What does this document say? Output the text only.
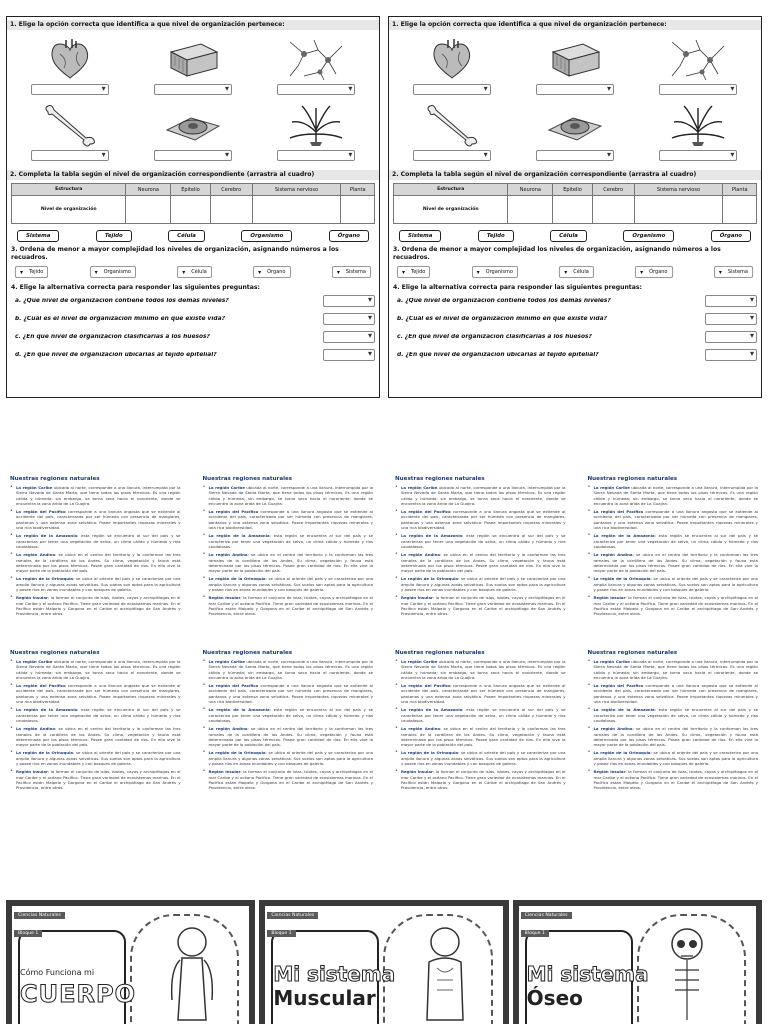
1. Elige la opción correcta que identifica a que nivel de organización pertenece:
▾
▾
▾
▾
▾
▾
2. Completa la tabla según el nivel de organización correspondiente (arrastra al cuadro)
Estructura	Neurona	Epitelio	Cerebro	Sistema nervioso	Planta
Nivel de organización					
Sistema	Tejido	Célula	Organismo	Órgano
3. Ordena de menor a mayor complejidad los niveles de organización, asignando números a los recuadros.
▾ Tejido	▾ Organismo	▾ Célula	▾ Órgano	▾ Sistema
4. Elige la alternativa correcta para responder las siguientes preguntas:
a. ¿Qué nivel de organización contiene todos los demás niveles?
▾
b. ¿Cuál es el nivel de organización mínimo en que existe vida?
▾
c. ¿En qué nivel de organización clasificarías a los huesos?
▾
d. ¿En qué nivel de organización ubicarías al tejido epitelial?
▾
1. Elige la opción correcta que identifica a que nivel de organización pertenece:
▾
▾
▾
▾
▾
▾
2. Completa la tabla según el nivel de organización correspondiente (arrastra al cuadro)
Estructura	Neurona	Epitelio	Cerebro	Sistema nervioso	Planta
Nivel de organización					
Sistema	Tejido	Célula	Organismo	Órgano
3. Ordena de menor a mayor complejidad los niveles de organización, asignando números a los recuadros.
▾ Tejido	▾ Organismo	▾ Célula	▾ Órgano	▾ Sistema
4. Elige la alternativa correcta para responder las siguientes preguntas:
a. ¿Qué nivel de organización contiene todos los demás niveles?
▾
b. ¿Cuál es el nivel de organización mínimo en que existe vida?
▾
c. ¿En qué nivel de organización clasificarías a los huesos?
▾
d. ¿En qué nivel de organización ubicarías al tejido epitelial?
▾
Nuestras regiones naturales
• La región Caribe ubicada al norte, corresponde a una llanura, interrumpida por la Sierra Nevada de Santa Marta, que tiene todos los pisos térmicos. Es una región cálida y húmeda; sin embargo, se torna seca hacia el nororiente, donde se encuentra la zona árida de La Guajira.

• La región del Pacífico corresponde a una llanura angosta que se extiende al occidente del país, caracterizada por ser húmeda con presencia de manglares, pantanos y una extensa zona selvática. Posee importantes riquezas minerales y una rica biodiversidad.

• La región de la Amazonia: esta región se encuentra al sur del país y se caracteriza por tener una vegetación de selva, un clima cálido y húmedo y ríos caudalosos.

• La región Andina: se ubica en el centro del territorio y la conforman las tres ramales de la cordillera de los Andes. Su clima, vegetación y fauna está determinada por los pisos térmicos. Posee gran cantidad de ríos. En ella vive la mayor parte de la población del país.

• La región de la Orinoquia: se ubica al oriente del país y se caracteriza por una amplia llanura y algunas zonas selváticas. Sus suelos son aptos para la agricultura y posee ríos en zonas inundables y con bosques de galería.

• Región Insular: la forman el conjunto de islas, islotes, cayos y archipiélagos en el mar Caribe y el océano Pacífico. Tiene gran variedad de ecosistemas marinos. En el Pacífico están Malpelo y Gorgona en el Caribe el archipiélago de San Andrés y Providencia, entre otros.

Nuestras regiones naturales
• La región Caribe ubicada al norte, corresponde a una llanura, interrumpida por la Sierra Nevada de Santa Marta, que tiene todos los pisos térmicos. Es una región cálida y húmeda; sin embargo, se torna seca hacia el nororiente, donde se encuentra la zona árida de La Guajira.

• La región del Pacífico corresponde a una llanura angosta que se extiende al occidente del país, caracterizada por ser húmeda con presencia de manglares, pantanos y una extensa zona selvática. Posee importantes riquezas minerales y una rica biodiversidad.

• La región de la Amazonia: esta región se encuentra al sur del país y se caracteriza por tener una vegetación de selva, un clima cálido y húmedo y ríos caudalosos.

• La región Andina: se ubica en el centro del territorio y la conforman las tres ramales de la cordillera de los Andes. Su clima, vegetación y fauna está determinada por los pisos térmicos. Posee gran cantidad de ríos. En ella vive la mayor parte de la población del país.

• La región de la Orinoquia: se ubica al oriente del país y se caracteriza por una amplia llanura y algunas zonas selváticas. Sus suelos son aptos para la agricultura y posee ríos en zonas inundables y con bosques de galería.

• Región Insular: la forman el conjunto de islas, islotes, cayos y archipiélagos en el mar Caribe y el océano Pacífico. Tiene gran variedad de ecosistemas marinos. En el Pacífico están Malpelo y Gorgona en el Caribe el archipiélago de San Andrés y Providencia, entre otros.

Nuestras regiones naturales
• La región Caribe ubicada al norte, corresponde a una llanura, interrumpida por la Sierra Nevada de Santa Marta, que tiene todos los pisos térmicos. Es una región cálida y húmeda; sin embargo, se torna seca hacia el nororiente, donde se encuentra la zona árida de La Guajira.

• La región del Pacífico corresponde a una llanura angosta que se extiende al occidente del país, caracterizada por ser húmeda con presencia de manglares, pantanos y una extensa zona selvática. Posee importantes riquezas minerales y una rica biodiversidad.

• La región de la Amazonia: esta región se encuentra al sur del país y se caracteriza por tener una vegetación de selva, un clima cálido y húmedo y ríos caudalosos.

• La región Andina: se ubica en el centro del territorio y la conforman las tres ramales de la cordillera de los Andes. Su clima, vegetación y fauna está determinada por los pisos térmicos. Posee gran cantidad de ríos. En ella vive la mayor parte de la población del país.

• La región de la Orinoquia: se ubica al oriente del país y se caracteriza por una amplia llanura y algunas zonas selváticas. Sus suelos son aptos para la agricultura y posee ríos en zonas inundables y con bosques de galería.

• Región Insular: la forman el conjunto de islas, islotes, cayos y archipiélagos en el mar Caribe y el océano Pacífico. Tiene gran variedad de ecosistemas marinos. En el Pacífico están Malpelo y Gorgona en el Caribe el archipiélago de San Andrés y Providencia, entre otros.

Nuestras regiones naturales
• La región Caribe ubicada al norte, corresponde a una llanura, interrumpida por la Sierra Nevada de Santa Marta, que tiene todos los pisos térmicos. Es una región cálida y húmeda; sin embargo, se torna seca hacia el nororiente, donde se encuentra la zona árida de La Guajira.

• La región del Pacífico corresponde a una llanura angosta que se extiende al occidente del país, caracterizada por ser húmeda con presencia de manglares, pantanos y una extensa zona selvática. Posee importantes riquezas minerales y una rica biodiversidad.

• La región de la Amazonia: esta región se encuentra al sur del país y se caracteriza por tener una vegetación de selva, un clima cálido y húmedo y ríos caudalosos.

• La región Andina: se ubica en el centro del territorio y la conforman las tres ramales de la cordillera de los Andes. Su clima, vegetación y fauna está determinada por los pisos térmicos. Posee gran cantidad de ríos. En ella vive la mayor parte de la población del país.

• La región de la Orinoquia: se ubica al oriente del país y se caracteriza por una amplia llanura y algunas zonas selváticas. Sus suelos son aptos para la agricultura y posee ríos en zonas inundables y con bosques de galería.

• Región Insular: la forman el conjunto de islas, islotes, cayos y archipiélagos en el mar Caribe y el océano Pacífico. Tiene gran variedad de ecosistemas marinos. En el Pacífico están Malpelo y Gorgona en el Caribe el archipiélago de San Andrés y Providencia, entre otros.

Nuestras regiones naturales
• La región Caribe ubicada al norte, corresponde a una llanura, interrumpida por la Sierra Nevada de Santa Marta, que tiene todos los pisos térmicos. Es una región cálida y húmeda; sin embargo, se torna seca hacia el nororiente, donde se encuentra la zona árida de La Guajira.

• La región del Pacífico corresponde a una llanura angosta que se extiende al occidente del país, caracterizada por ser húmeda con presencia de manglares, pantanos y una extensa zona selvática. Posee importantes riquezas minerales y una rica biodiversidad.

• La región de la Amazonia: esta región se encuentra al sur del país y se caracteriza por tener una vegetación de selva, un clima cálido y húmedo y ríos caudalosos.

• La región Andina: se ubica en el centro del territorio y la conforman las tres ramales de la cordillera de los Andes. Su clima, vegetación y fauna está determinada por los pisos térmicos. Posee gran cantidad de ríos. En ella vive la mayor parte de la población del país.

• La región de la Orinoquia: se ubica al oriente del país y se caracteriza por una amplia llanura y algunas zonas selváticas. Sus suelos son aptos para la agricultura y posee ríos en zonas inundables y con bosques de galería.

• Región Insular: la forman el conjunto de islas, islotes, cayos y archipiélagos en el mar Caribe y el océano Pacífico. Tiene gran variedad de ecosistemas marinos. En el Pacífico están Malpelo y Gorgona en el Caribe el archipiélago de San Andrés y Providencia, entre otros.

Nuestras regiones naturales
• La región Caribe ubicada al norte, corresponde a una llanura, interrumpida por la Sierra Nevada de Santa Marta, que tiene todos los pisos térmicos. Es una región cálida y húmeda; sin embargo, se torna seca hacia el nororiente, donde se encuentra la zona árida de La Guajira.

• La región del Pacífico corresponde a una llanura angosta que se extiende al occidente del país, caracterizada por ser húmeda con presencia de manglares, pantanos y una extensa zona selvática. Posee importantes riquezas minerales y una rica biodiversidad.

• La región de la Amazonia: esta región se encuentra al sur del país y se caracteriza por tener una vegetación de selva, un clima cálido y húmedo y ríos caudalosos.

• La región Andina: se ubica en el centro del territorio y la conforman las tres ramales de la cordillera de los Andes. Su clima, vegetación y fauna está determinada por los pisos térmicos. Posee gran cantidad de ríos. En ella vive la mayor parte de la población del país.

• La región de la Orinoquia: se ubica al oriente del país y se caracteriza por una amplia llanura y algunas zonas selváticas. Sus suelos son aptos para la agricultura y posee ríos en zonas inundables y con bosques de galería.

• Región Insular: la forman el conjunto de islas, islotes, cayos y archipiélagos en el mar Caribe y el océano Pacífico. Tiene gran variedad de ecosistemas marinos. En el Pacífico están Malpelo y Gorgona en el Caribe el archipiélago de San Andrés y Providencia, entre otros.

Nuestras regiones naturales
• La región Caribe ubicada al norte, corresponde a una llanura, interrumpida por la Sierra Nevada de Santa Marta, que tiene todos los pisos térmicos. Es una región cálida y húmeda; sin embargo, se torna seca hacia el nororiente, donde se encuentra la zona árida de La Guajira.

• La región del Pacífico corresponde a una llanura angosta que se extiende al occidente del país, caracterizada por ser húmeda con presencia de manglares, pantanos y una extensa zona selvática. Posee importantes riquezas minerales y una rica biodiversidad.

• La región de la Amazonia: esta región se encuentra al sur del país y se caracteriza por tener una vegetación de selva, un clima cálido y húmedo y ríos caudalosos.

• La región Andina: se ubica en el centro del territorio y la conforman las tres ramales de la cordillera de los Andes. Su clima, vegetación y fauna está determinada por los pisos térmicos. Posee gran cantidad de ríos. En ella vive la mayor parte de la población del país.

• La región de la Orinoquia: se ubica al oriente del país y se caracteriza por una amplia llanura y algunas zonas selváticas. Sus suelos son aptos para la agricultura y posee ríos en zonas inundables y con bosques de galería.

• Región Insular: la forman el conjunto de islas, islotes, cayos y archipiélagos en el mar Caribe y el océano Pacífico. Tiene gran variedad de ecosistemas marinos. En el Pacífico están Malpelo y Gorgona en el Caribe el archipiélago de San Andrés y Providencia, entre otros.

Nuestras regiones naturales
• La región Caribe ubicada al norte, corresponde a una llanura, interrumpida por la Sierra Nevada de Santa Marta, que tiene todos los pisos térmicos. Es una región cálida y húmeda; sin embargo, se torna seca hacia el nororiente, donde se encuentra la zona árida de La Guajira.

• La región del Pacífico corresponde a una llanura angosta que se extiende al occidente del país, caracterizada por ser húmeda con presencia de manglares, pantanos y una extensa zona selvática. Posee importantes riquezas minerales y una rica biodiversidad.

• La región de la Amazonia: esta región se encuentra al sur del país y se caracteriza por tener una vegetación de selva, un clima cálido y húmedo y ríos caudalosos.

• La región Andina: se ubica en el centro del territorio y la conforman las tres ramales de la cordillera de los Andes. Su clima, vegetación y fauna está determinada por los pisos térmicos. Posee gran cantidad de ríos. En ella vive la mayor parte de la población del país.

• La región de la Orinoquia: se ubica al oriente del país y se caracteriza por una amplia llanura y algunas zonas selváticas. Sus suelos son aptos para la agricultura y posee ríos en zonas inundables y con bosques de galería.

• Región Insular: la forman el conjunto de islas, islotes, cayos y archipiélagos en el mar Caribe y el océano Pacífico. Tiene gran variedad de ecosistemas marinos. En el Pacífico están Malpelo y Gorgona en el Caribe el archipiélago de San Andrés y Providencia, entre otros.

Ciencias Naturales
Bloque 1
Cómo Funciona mi
CUERPO
Ciencias Naturales
Bloque 1
Mi sistema
Muscular
Ciencias Naturales
Bloque 1
Mi sistema
Óseo
